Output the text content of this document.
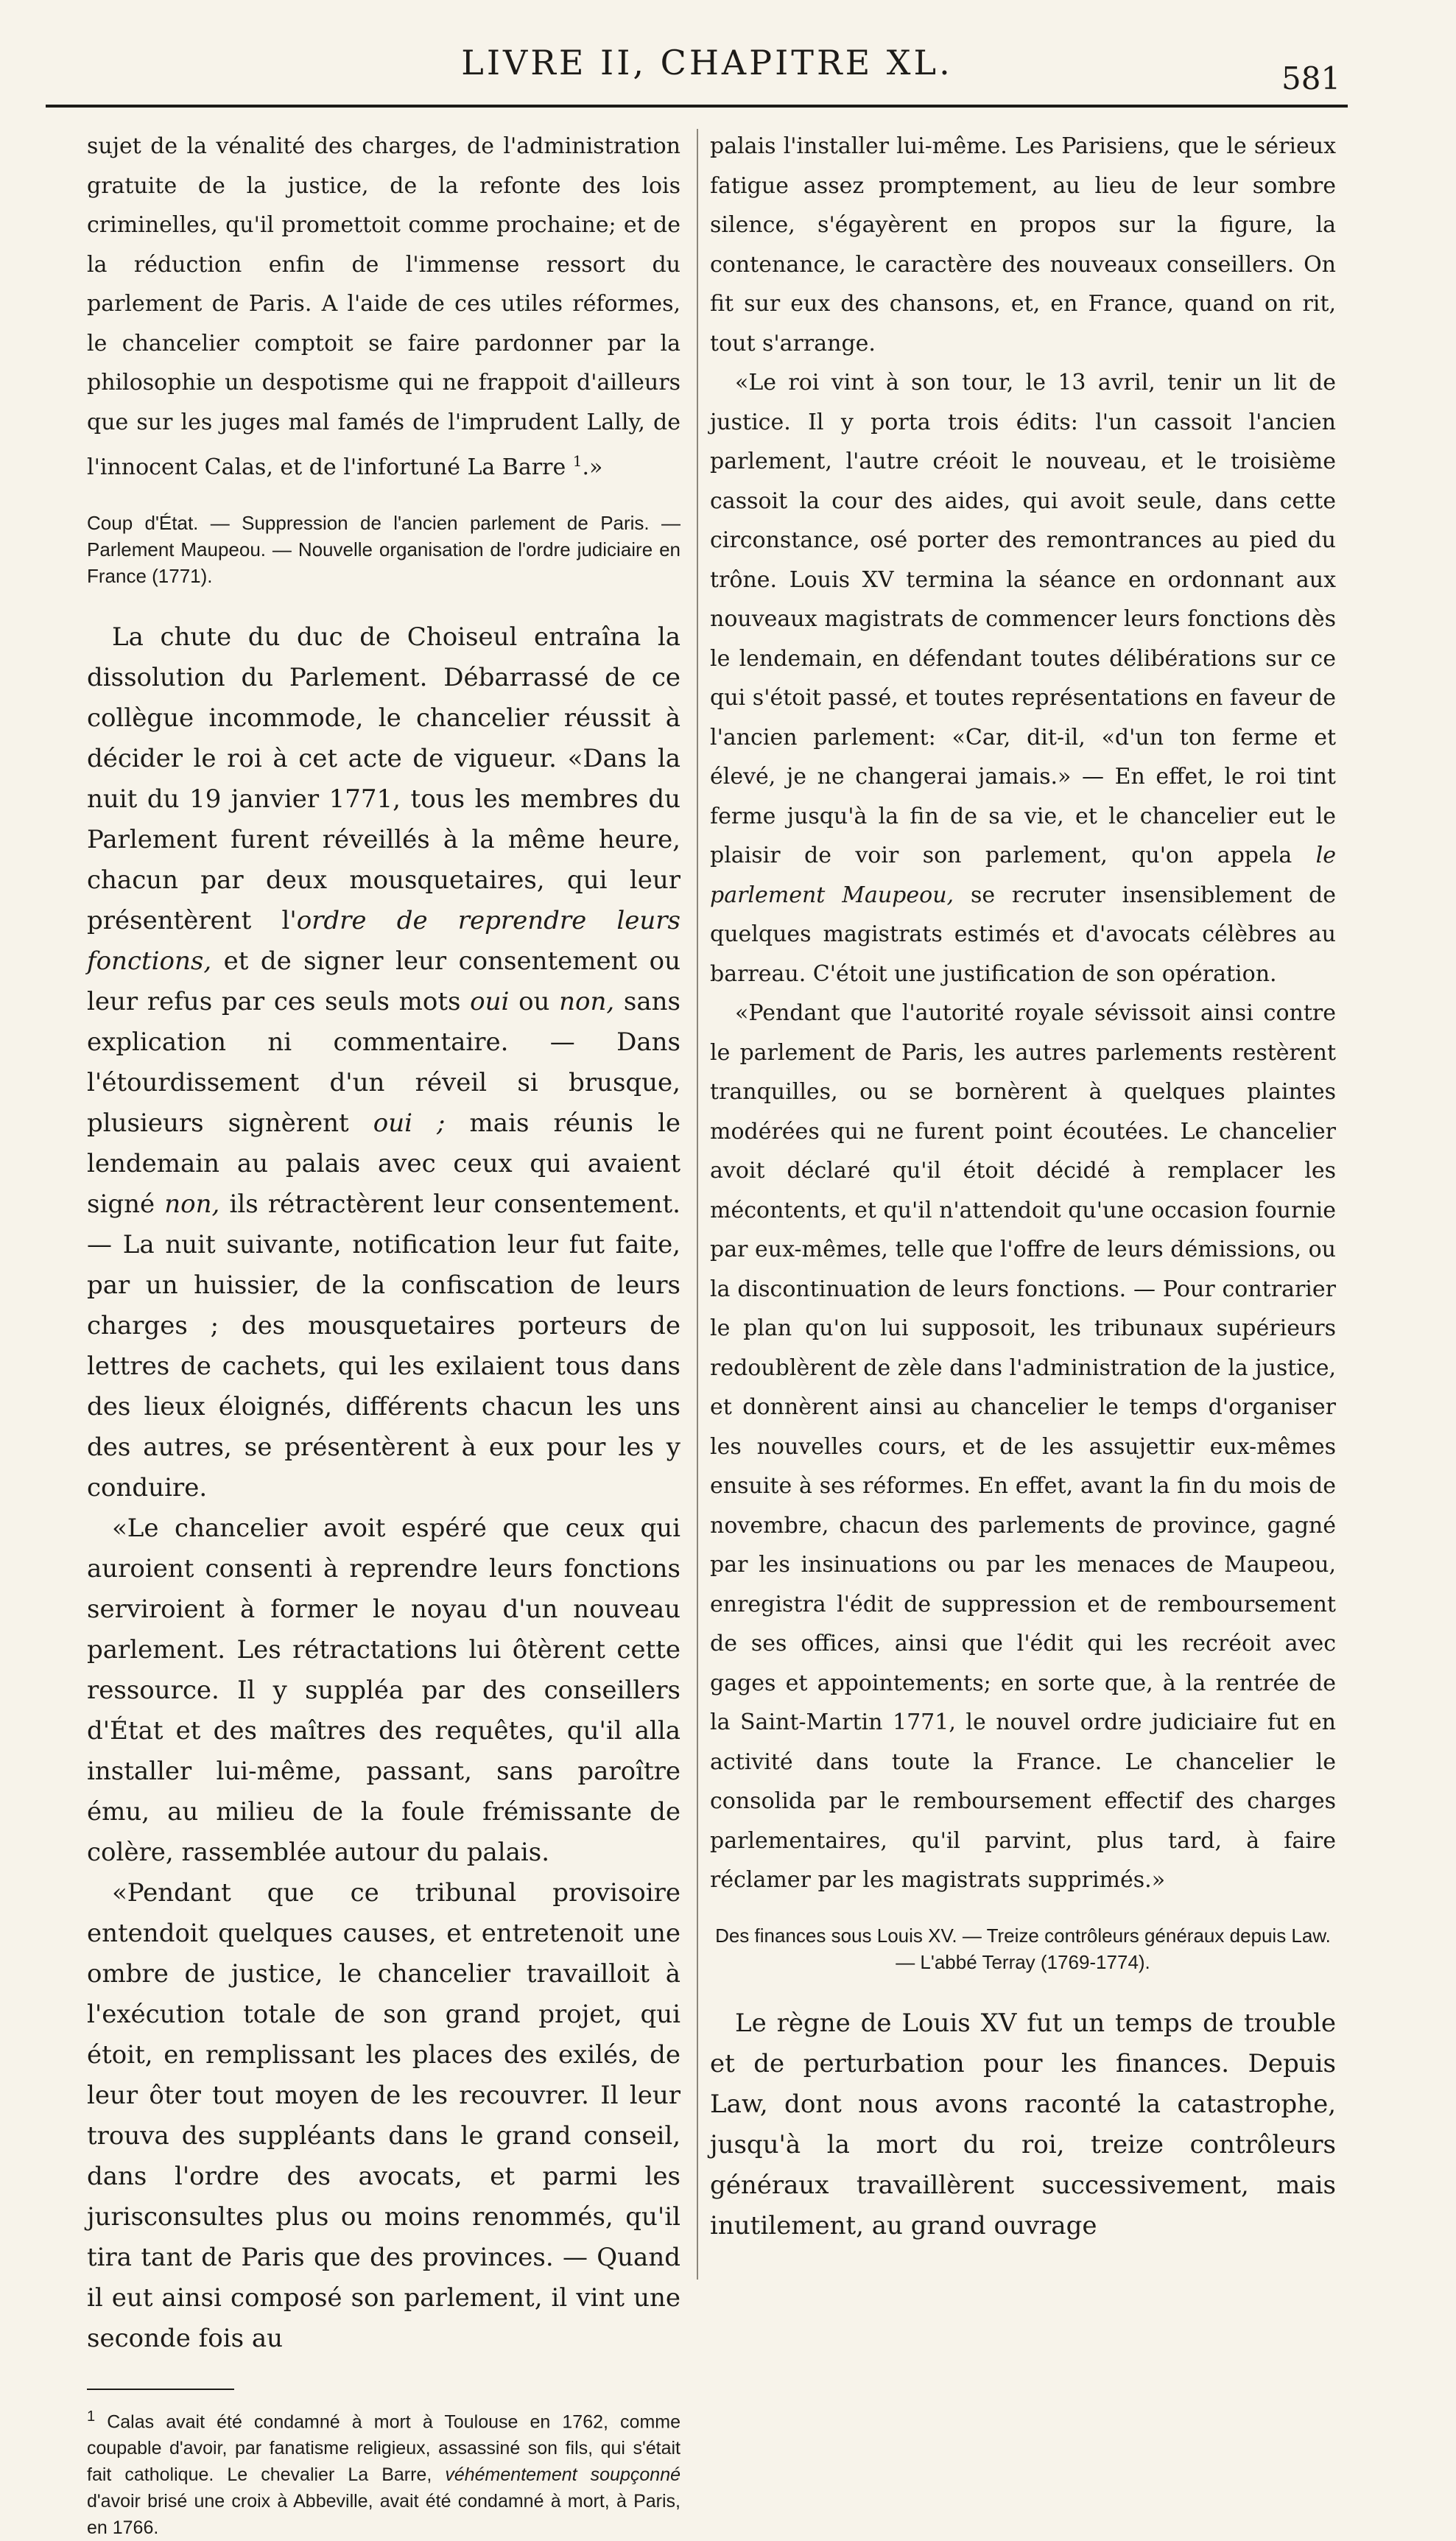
LIVRE II, CHAPITRE XL.	581

sujet de la vénalité des charges, de l'administration gratuite de la justice, de la refonte des lois criminelles, qu'il promettoit comme prochaine; et de la réduction enfin de l'immense ressort du parlement de Paris. A l'aide de ces utiles réformes, le chancelier comptoit se faire pardonner par la philosophie un despotisme qui ne frappoit d'ailleurs que sur les juges mal famés de l'imprudent Lally, de l'innocent Calas, et de l'infortuné La Barre $^1$.»

Coup d'État. — Suppression de l'ancien parlement de Paris. — Parlement Maupeou. — Nouvelle organisation de l'ordre judiciaire en France (1771).

La chute du duc de Choiseul entraîna la dissolution du Parlement. Débarrassé de ce collègue incommode, le chancelier réussit à décider le roi à cet acte de vigueur. «Dans la nuit du 19 janvier 1771, tous les membres du Parlement furent réveillés à la même heure, chacun par deux mousquetaires, qui leur présentèrent l'ordre de reprendre leurs fonctions, et de signer leur consentement ou leur refus par ces seuls mots oui ou non, sans explication ni commentaire. — Dans l'étourdissement d'un réveil si brusque, plusieurs signèrent oui ; mais réunis le lendemain au palais avec ceux qui avaient signé non, ils rétractèrent leur consentement. — La nuit suivante, notification leur fut faite, par un huissier, de la confiscation de leurs charges ; des mousquetaires porteurs de lettres de cachets, qui les exilaient tous dans des lieux éloignés, différents chacun les uns des autres, se présentèrent à eux pour les y conduire.

«Le chancelier avoit espéré que ceux qui auroient consenti à reprendre leurs fonctions serviroient à former le noyau d'un nouveau parlement. Les rétractations lui ôtèrent cette ressource. Il y suppléa par des conseillers d'État et des maîtres des requêtes, qu'il alla installer lui-même, passant, sans paroître ému, au milieu de la foule frémissante de colère, rassemblée autour du palais.

«Pendant que ce tribunal provisoire entendoit quelques causes, et entretenoit une ombre de justice, le chancelier travailloit à l'exécution totale de son grand projet, qui étoit, en remplissant les places des exilés, de leur ôter tout moyen de les recouvrer. Il leur trouva des suppléants dans le grand conseil, dans l'ordre des avocats, et parmi les jurisconsultes plus ou moins renommés, qu'il tira tant de Paris que des provinces. — Quand il eut ainsi composé son parlement, il vint une seconde fois au

$^1$ Calas avait été condamné à mort à Toulouse en 1762, comme coupable d'avoir, par fanatisme religieux, assassiné son fils, qui s'était fait catholique. Le chevalier La Barre, véhémentement soupçonné d'avoir brisé une croix à Abbeville, avait été condamné à mort, à Paris, en 1766.

palais l'installer lui-même. Les Parisiens, que le sérieux fatigue assez promptement, au lieu de leur sombre silence, s'égayèrent en propos sur la figure, la contenance, le caractère des nouveaux conseillers. On fit sur eux des chansons, et, en France, quand on rit, tout s'arrange.

«Le roi vint à son tour, le 13 avril, tenir un lit de justice. Il y porta trois édits: l'un cassoit l'ancien parlement, l'autre créoit le nouveau, et le troisième cassoit la cour des aides, qui avoit seule, dans cette circonstance, osé porter des remontrances au pied du trône. Louis XV termina la séance en ordonnant aux nouveaux magistrats de commencer leurs fonctions dès le lendemain, en défendant toutes délibérations sur ce qui s'étoit passé, et toutes représentations en faveur de l'ancien parlement: «Car, dit-il, «d'un ton ferme et élevé, je ne changerai jamais.» — En effet, le roi tint ferme jusqu'à la fin de sa vie, et le chancelier eut le plaisir de voir son parlement, qu'on appela le parlement Maupeou, se recruter insensiblement de quelques magistrats estimés et d'avocats célèbres au barreau. C'étoit une justification de son opération.

«Pendant que l'autorité royale sévissoit ainsi contre le parlement de Paris, les autres parlements restèrent tranquilles, ou se bornèrent à quelques plaintes modérées qui ne furent point écoutées. Le chancelier avoit déclaré qu'il étoit décidé à remplacer les mécontents, et qu'il n'attendoit qu'une occasion fournie par eux-mêmes, telle que l'offre de leurs démissions, ou la discontinuation de leurs fonctions. — Pour contrarier le plan qu'on lui supposoit, les tribunaux supérieurs redoublèrent de zèle dans l'administration de la justice, et donnèrent ainsi au chancelier le temps d'organiser les nouvelles cours, et de les assujettir eux-mêmes ensuite à ses réformes. En effet, avant la fin du mois de novembre, chacun des parlements de province, gagné par les insinuations ou par les menaces de Maupeou, enregistra l'édit de suppression et de remboursement de ses offices, ainsi que l'édit qui les recréoit avec gages et appointements; en sorte que, à la rentrée de la Saint-Martin 1771, le nouvel ordre judiciaire fut en activité dans toute la France. Le chancelier le consolida par le remboursement effectif des charges parlementaires, qu'il parvint, plus tard, à faire réclamer par les magistrats supprimés.»

Des finances sous Louis XV. — Treize contrôleurs généraux depuis Law. — L'abbé Terray (1769-1774).

Le règne de Louis XV fut un temps de trouble et de perturbation pour les finances. Depuis Law, dont nous avons raconté la catastrophe, jusqu'à la mort du roi, treize contrôleurs généraux travaillèrent successivement, mais inutilement, au grand ouvrage
